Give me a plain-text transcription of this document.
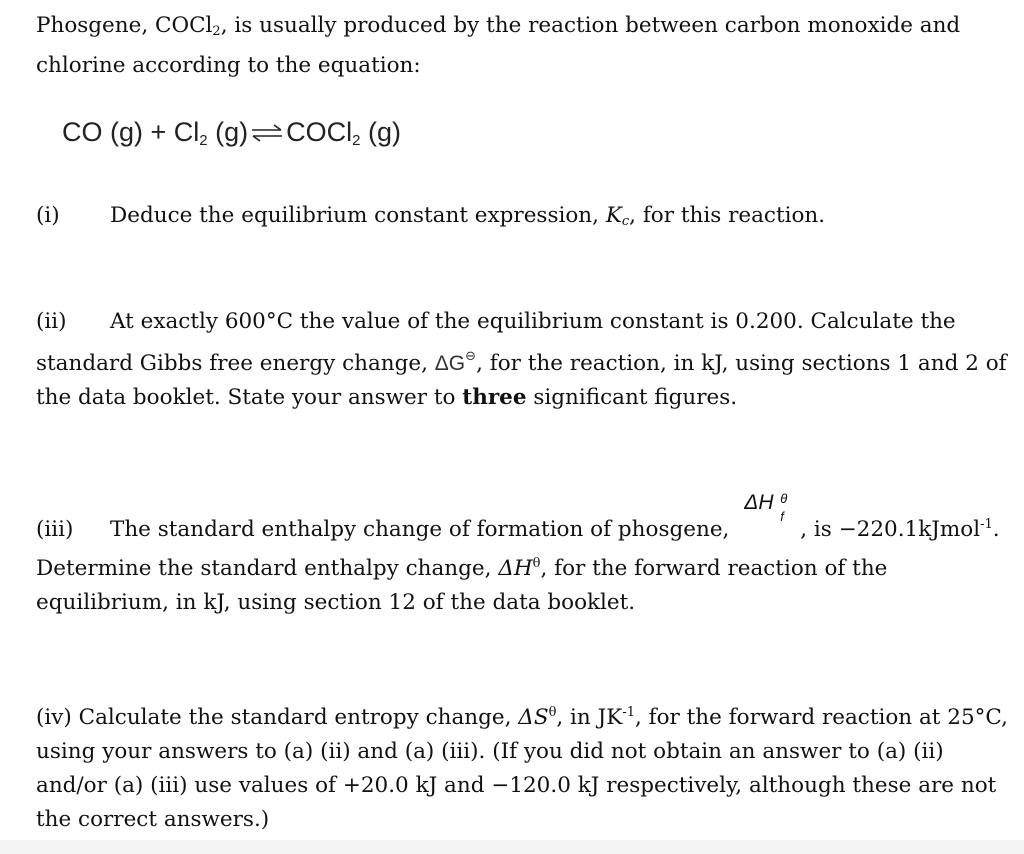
Phosgene, COCl$_2$, is usually produced by the reaction between carbon monoxide and chlorine according to the equation:

CO $(g) + Cl_2$ (g) ⇌ COCl$_2$ (g)

(i) Deduce the equilibrium constant expression, $K_c$, for this reaction.

(ii) At exactly 600°C the value of the equilibrium constant is 0.200. Calculate the standard Gibbs free energy change, ΔG⊖, for the reaction, in kJ, using sections 1 and 2 of the data booklet. State your answer to three significant figures.

(iii) The standard enthalpy change of formation of phosgene,
ΔH θ
f
, is −220.1kJmol$^{-1}$. Determine the standard enthalpy change, $\Delta H^\theta$, for the forward reaction of the equilibrium, in kJ, using section 12 of the data booklet.

(iv) Calculate the standard entropy change, $\Delta S^\theta$, in $JK^{-1}$, for the forward reaction at 25°C, using your answers to (a) (ii) and (a) (iii). (If you did not obtain an answer to (a) (ii) and/or (a) (iii) use values of +20.0 kJ and −120.0 kJ respectively, although these are not the correct answers.)
